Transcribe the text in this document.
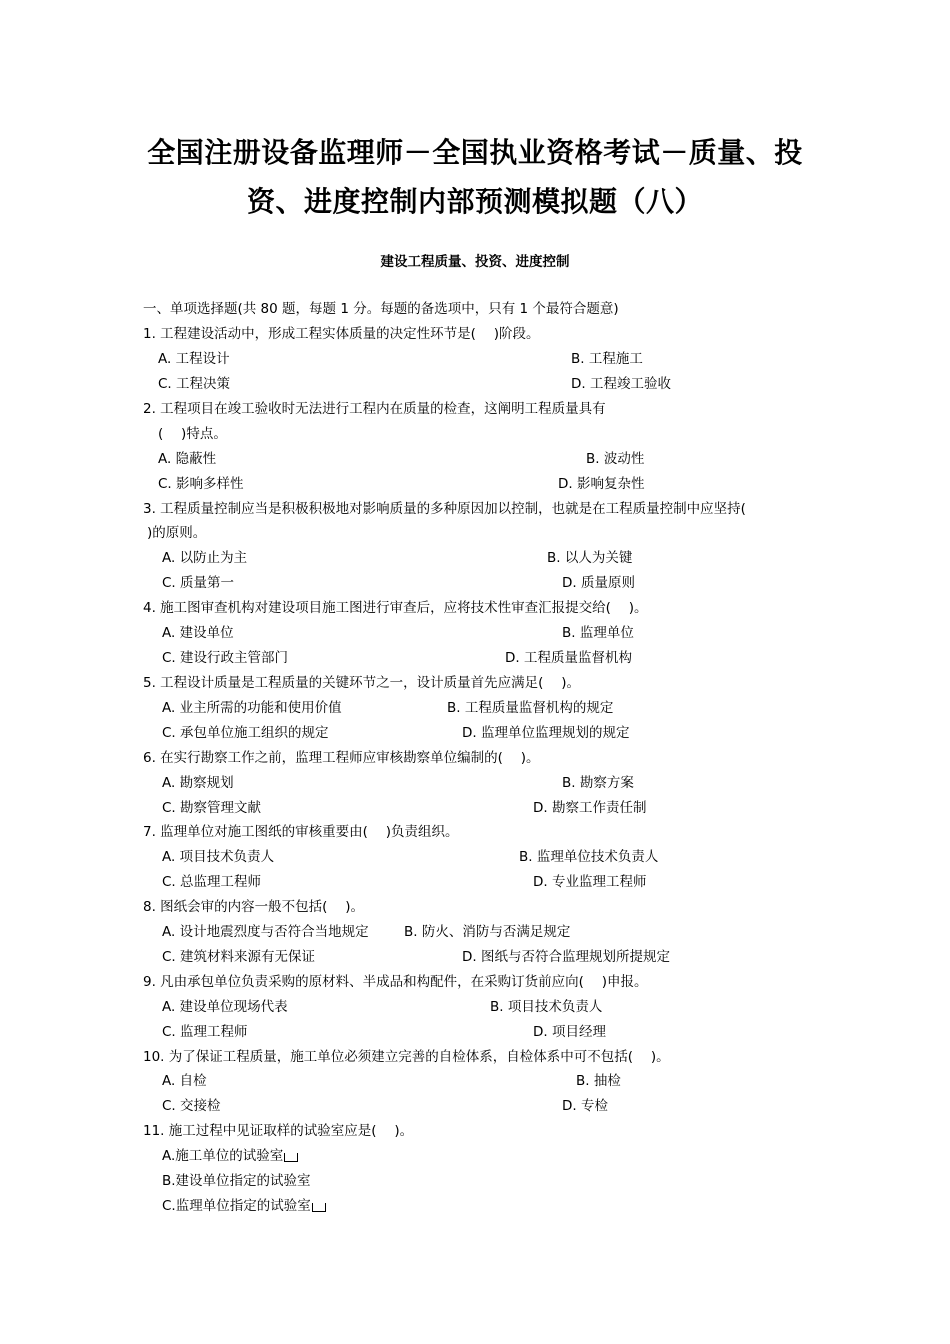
全国注册设备监理师－全国执业资格考试－质量、投
资、进度控制内部预测模拟题（八）
建设工程质量、投资、进度控制
一、单项选择题(共 80 题，每题 1 分。每题的备选项中，只有 1 个最符合题意)
1. 工程建设活动中，形成工程实体质量的决定性环节是(　 )阶段。
A. 工程设计	B. 工程施工
C. 工程决策	D. 工程竣工验收
2. 工程项目在竣工验收时无法进行工程内在质量的检查，这阐明工程质量具有
(　 )特点。
A. 隐蔽性	B. 波动性
C. 影响多样性	D. 影响复杂性
3. 工程质量控制应当是积极积极地对影响质量的多种原因加以控制，也就是在工程质量控制中应坚持(
)的原则。
A. 以防止为主	B. 以人为关键
C. 质量第一	D. 质量原则
4. 施工图审查机构对建设项目施工图进行审查后，应将技术性审查汇报提交给(　 )。
A. 建设单位	B. 监理单位
C. 建设行政主管部门	D. 工程质量监督机构
5. 工程设计质量是工程质量的关键环节之一，设计质量首先应满足(　 )。
A. 业主所需的功能和使用价值	B. 工程质量监督机构的规定
C. 承包单位施工组织的规定	D. 监理单位监理规划的规定
6. 在实行勘察工作之前，监理工程师应审核勘察单位编制的(　 )。
A. 勘察规划	B. 勘察方案
C. 勘察管理文献	D. 勘察工作责任制
7. 监理单位对施工图纸的审核重要由(　 )负责组织。
A. 项目技术负责人	B. 监理单位技术负责人
C. 总监理工程师	D. 专业监理工程师
8. 图纸会审的内容一般不包括(　 )。
A. 设计地震烈度与否符合当地规定	B. 防火、消防与否满足规定
C. 建筑材料来源有无保证	D. 图纸与否符合监理规划所提规定
9. 凡由承包单位负责采购的原材料、半成品和构配件，在采购订货前应向(　 )申报。
A. 建设单位现场代表	B. 项目技术负责人
C. 监理工程师	D. 项目经理
10. 为了保证工程质量，施工单位必须建立完善的自检体系，自检体系中可不包括(　 )。
A. 自检	B. 抽检
C. 交接检	D. 专检
11. 施工过程中见证取样的试验室应是(　 )。
A.施工单位的试验室
B.建设单位指定的试验室
C.监理单位指定的试验室
